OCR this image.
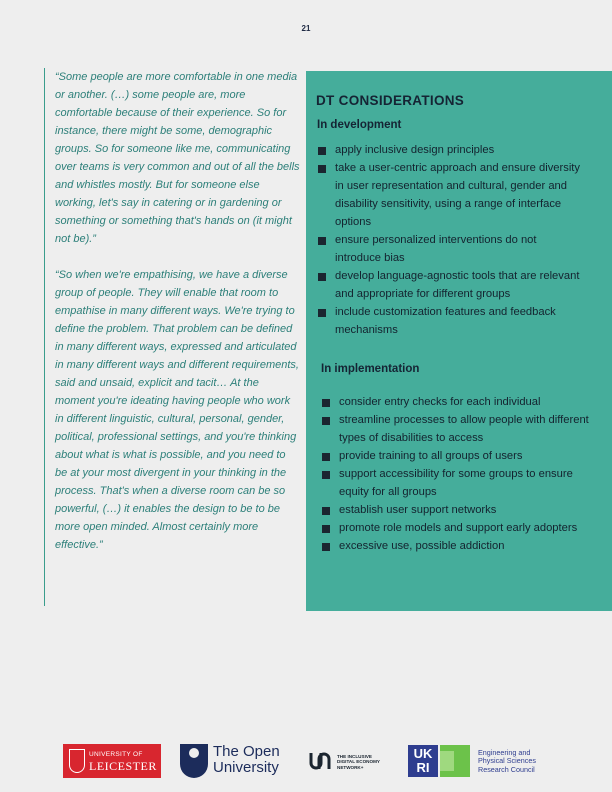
21

“Some people are more comfortable in one media or another. (…) some people are, more comfortable because of their experience. So for instance, there might be some, demographic groups. So for someone like me, communicating over teams is very common and out of all the bells and whistles mostly. But for someone else working, let's say in catering or in gardening or something or something that's hands on (it might not be).”

“So when we're empathising, we have a diverse group of people. They will enable that room to empathise in many different ways. We're trying to define the problem. That problem can be defined in many different ways, expressed and articulated in many different ways and different requirements, said and unsaid, explicit and tacit… At the moment you're ideating having people who work in different linguistic, cultural, personal, gender, political, professional settings, and you're thinking about what is what is possible, and you need to be at your most divergent in your thinking in the process. That's when a diverse room can be so powerful, (…) it enables the design to be to be more open minded. Almost certainly more effective.”

DT CONSIDERATIONS
In development
apply inclusive design principles
take a user-centric approach and ensure diversity in user representation and cultural, gender and disability sensitivity, using a range of interface options
ensure personalized interventions do not introduce bias
develop language-agnostic tools that are relevant and appropriate for different groups
include customization features and feedback mechanisms
In implementation
consider entry checks for each individual
streamline processes to allow people with different types of disabilities to access
provide training to all groups of users
support accessibility for some groups to ensure equity for all groups
establish user support networks
promote role models and support early adopters
excessive use, possible addiction
UNIVERSITY OF
LEICESTER
The Open
University
THE INCLUSIVE
DIGITAL ECONOMY
NETWORK+
UK
RI
Engineering and
Physical Sciences
Research Council
